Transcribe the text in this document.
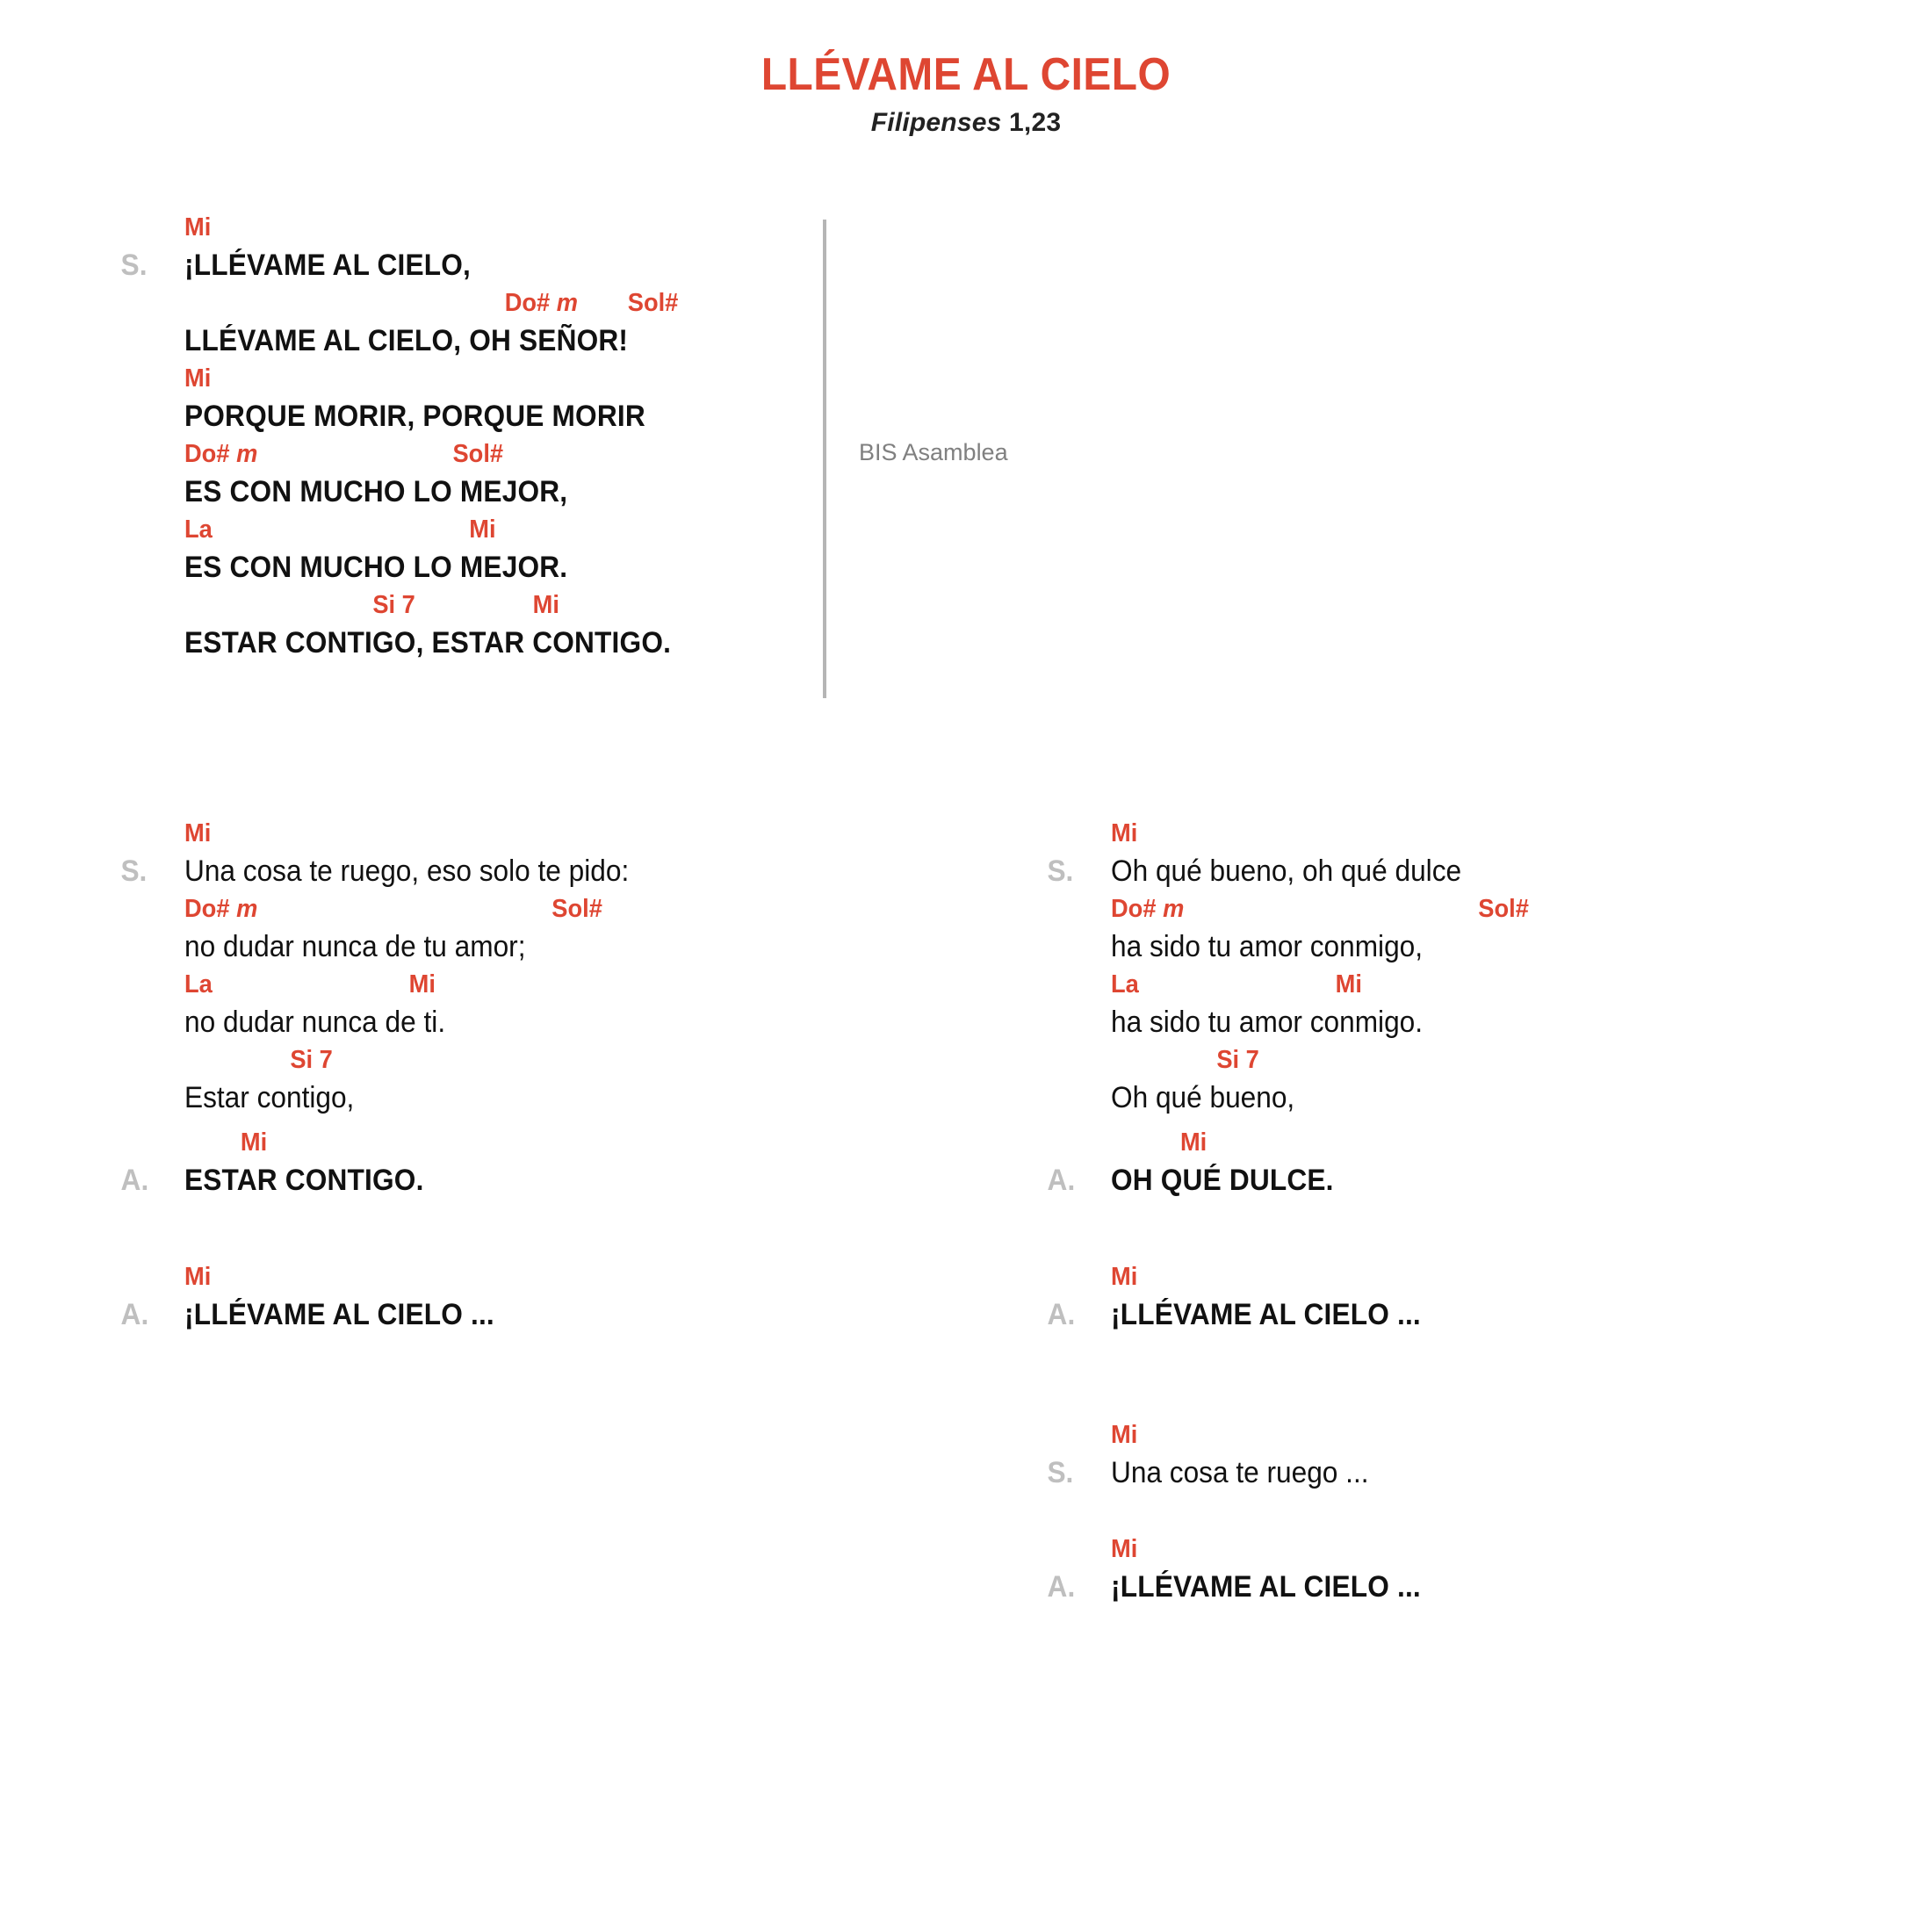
LLÉVAME AL CIELO
Filipenses 1,23
Mi
S. ¡LLÉVAME AL CIELO,
Do# m Sol#
LLÉVAME AL CIELO, OH SEÑOR!
Mi
PORQUE MORIR, PORQUE MORIR
Do# m	Sol#
ES CON MUCHO LO MEJOR,
La	Mi
ES CON MUCHO LO MEJOR.
Si 7	Mi
ESTAR CONTIGO, ESTAR CONTIGO.
BIS Asamblea
Mi
S. Una cosa te ruego, eso solo te pido:
Do# m	Sol#
no dudar nunca de tu amor;
La	Mi
no dudar nunca de ti.
Si 7
Estar contigo,
Mi
A. ESTAR CONTIGO.
Mi
A. ¡LLÉVAME AL CIELO ...
Mi
S. Oh qué bueno, oh qué dulce
Do# m	Sol#
ha sido tu amor conmigo,
La	Mi
ha sido tu amor conmigo.
Si 7
Oh qué bueno,
Mi
A. OH QUÉ DULCE.
Mi
A. ¡LLÉVAME AL CIELO ...
Mi
S. Una cosa te ruego ...
Mi
A. ¡LLÉVAME AL CIELO ...
